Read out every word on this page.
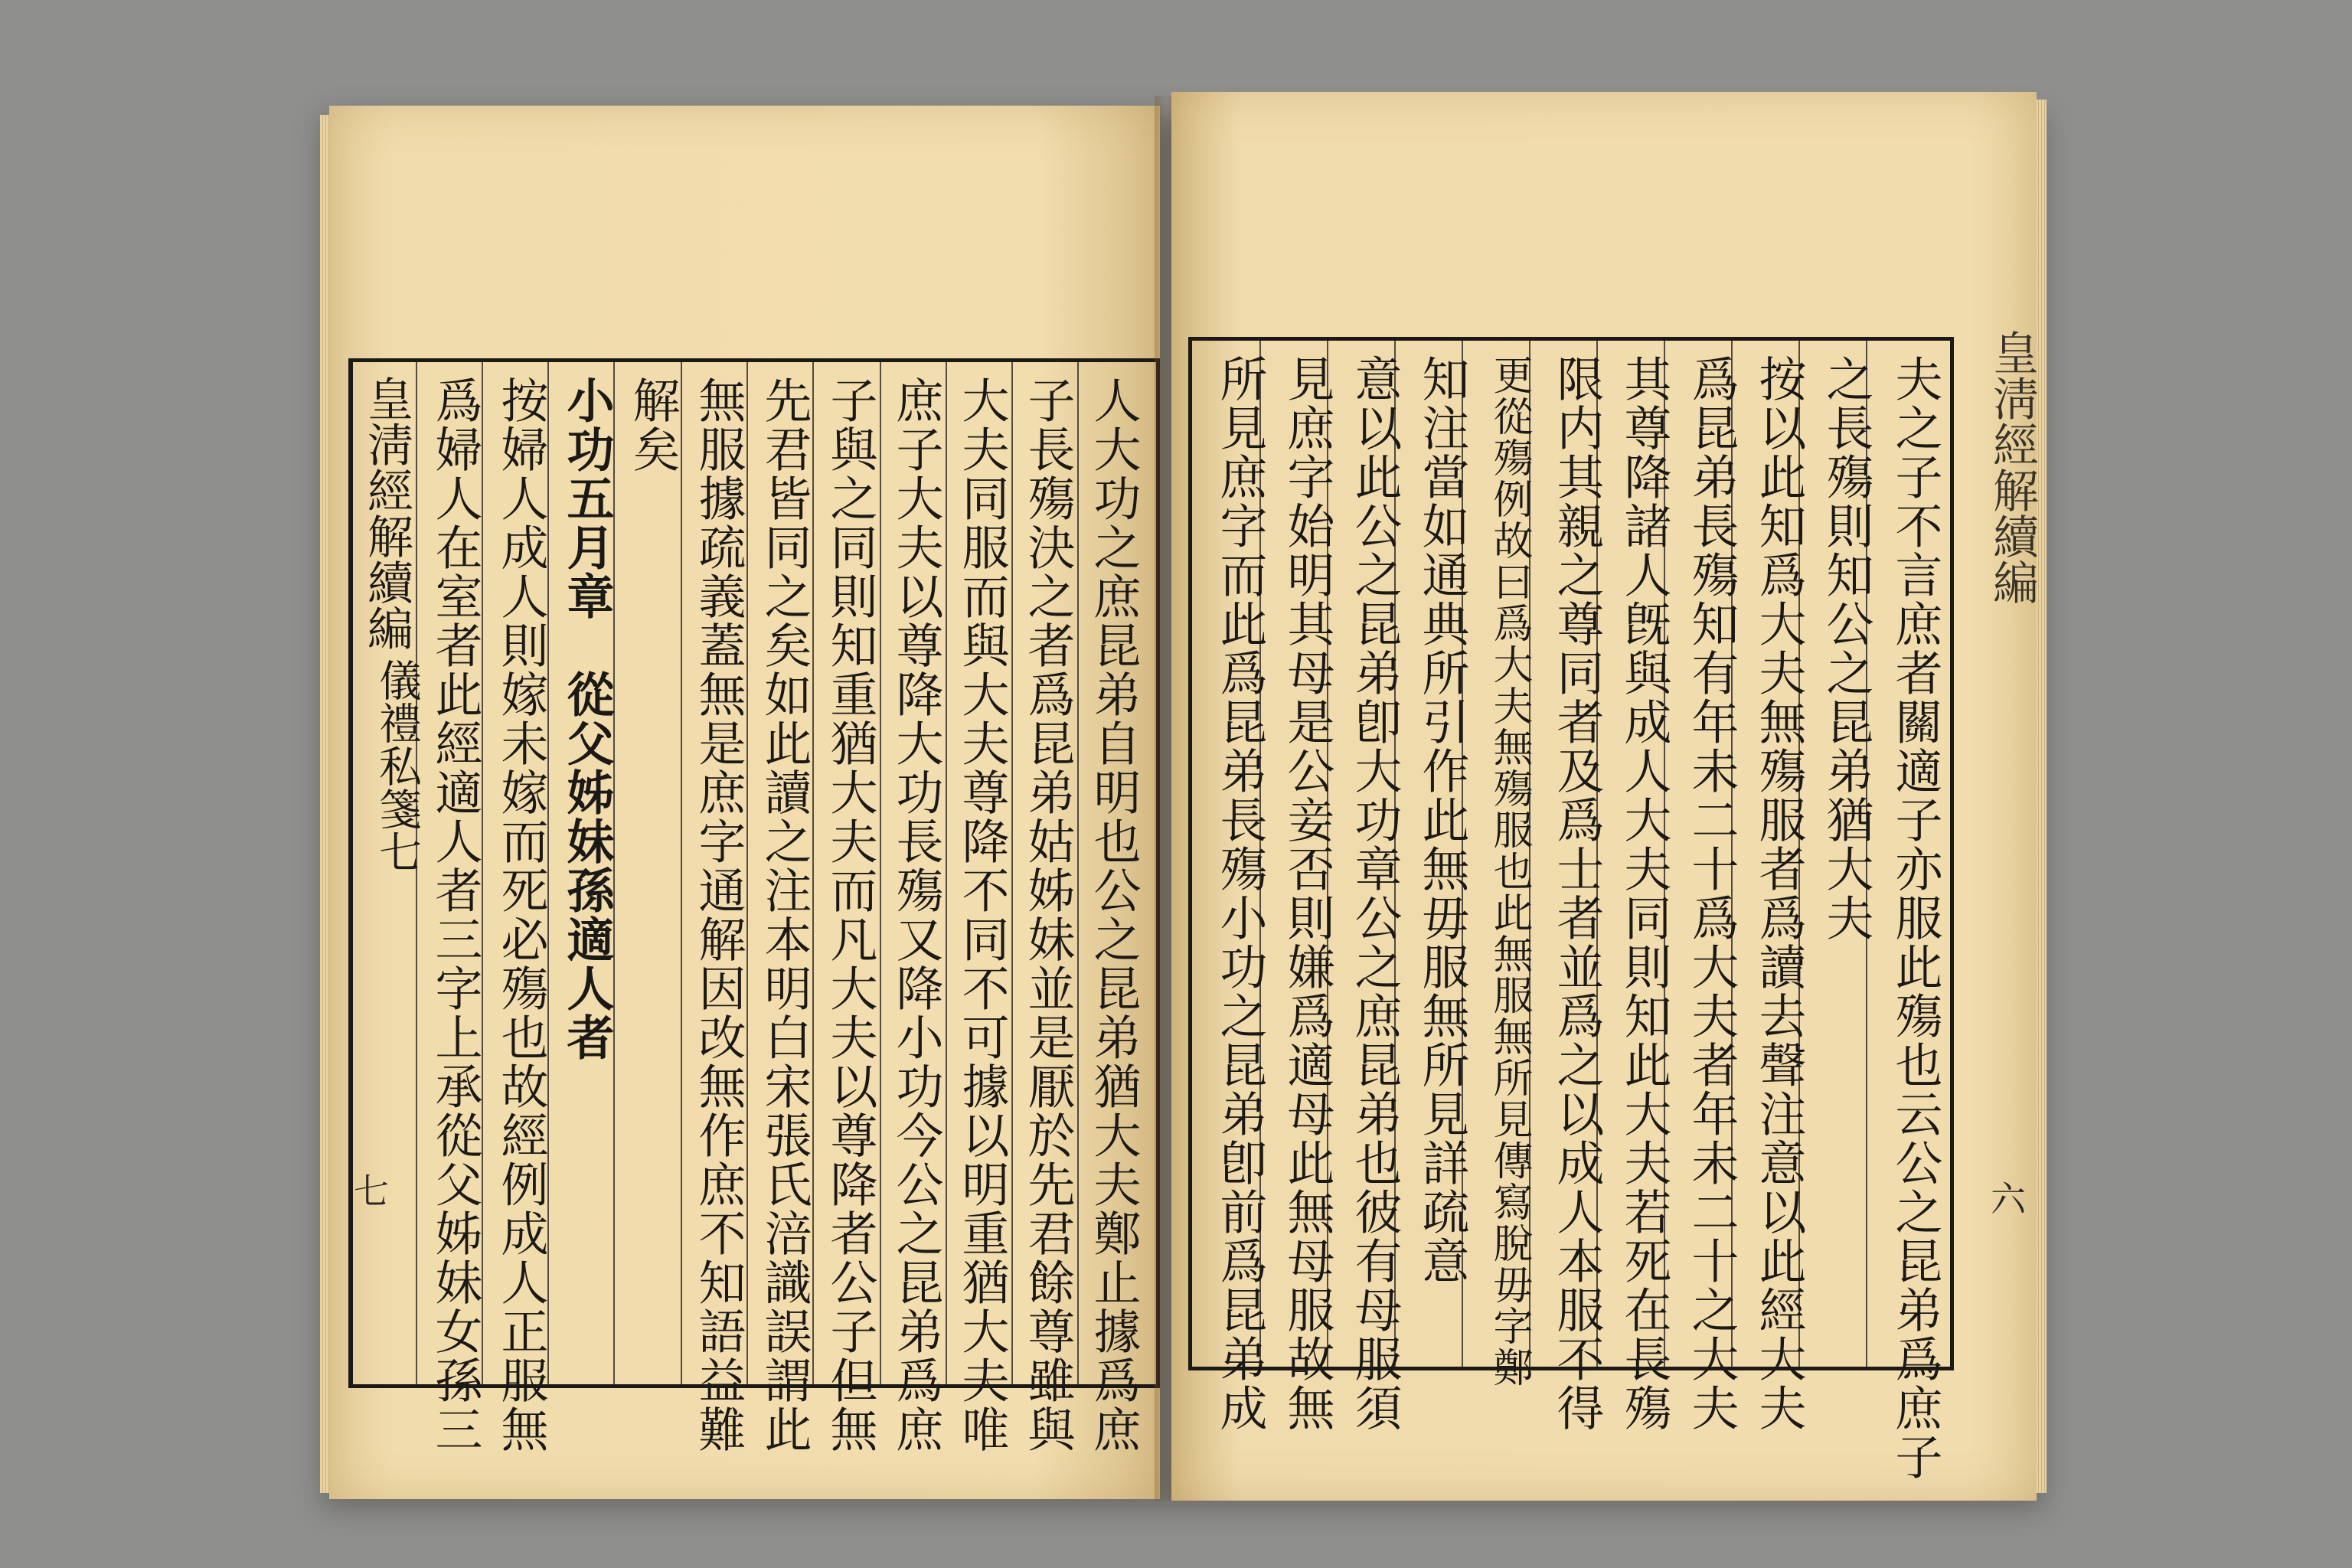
人大功之庶昆弟自明也公之昆弟猶大夫鄭止據爲庶
子長殤決之者爲昆弟姑姊妹並是厭於先君餘尊雖與
大夫同服而與大夫尊降不同不可據以明重猶大夫唯
庶子大夫以尊降大功長殤又降小功今公之昆弟爲庶
子與之同則知重猶大夫而凡大夫以尊降者公子但無
先君皆同之矣如此讀之注本明白宋張氏涪識誤謂此
無服據疏義蓋無是庶字通解因改無作庶不知語益難
解矣
小功五月章　從父姊妹孫適人者
按婦人成人則嫁未嫁而死必殤也故經例成人正服無
爲婦人在室者此經適人者三字上承從父姊妹女孫三
皇淸經解續編
儀禮私箋七
七	夫之子不言庶者關適子亦服此殤也云公之昆弟爲庶子
之長殤則知公之昆弟猶大夫
按以此知爲大夫無殤服者爲讀去聲注意以此經大夫
爲昆弟長殤知有年未二十爲大夫者年未二十之大夫
其尊降諸人旣與成人大夫同則知此大夫若死在長殤
限内其親之尊同者及爲士者並爲之以成人本服不得
更從殤例故曰爲大夫無殤服也此無服無所見傳寫脫毋字鄭
知注當如通典所引作此無毋服無所見詳疏意
意以此公之昆弟卽大功章公之庶昆弟也彼有母服須
見庶字始明其母是公妾否則嫌爲適母此無母服故無
所見庶字而此爲昆弟長殤小功之昆弟卽前爲昆弟成	皇淸經解續編
六
